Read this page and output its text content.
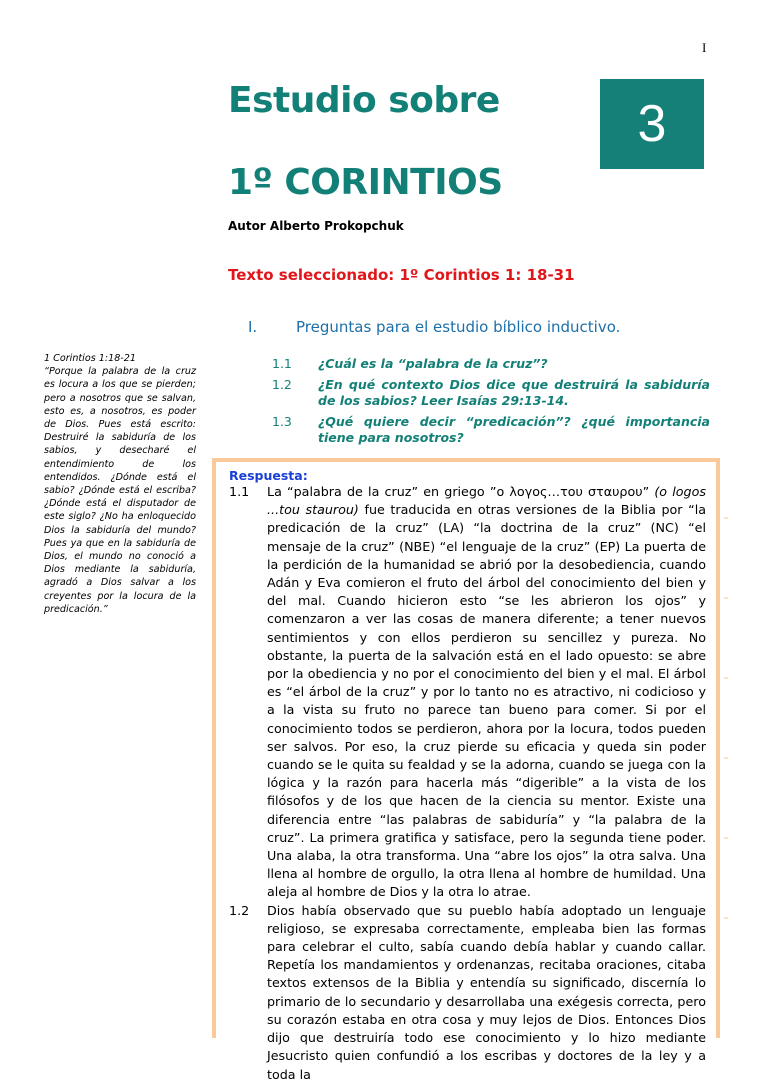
I
Estudio sobre
1º CORINTIOS
3
Autor Alberto Prokopchuk
Texto seleccionado: 1º Corintios 1: 18-31
I.	Preguntas para el estudio bíblico inductivo.
1.1	¿Cuál es la “palabra de la cruz”?
1.2	¿En qué contexto Dios dice que destruirá la sabiduría de los sabios? Leer Isaías 29:13-14.
1.3	¿Qué quiere decir “predicación”? ¿qué importancia tiene para nosotros?
1 Corintios 1:18-21
“Porque la palabra de la cruz es locura a los que se pierden; pero a nosotros que se salvan, esto es, a nosotros, es poder de Dios. Pues está escrito: Destruiré la sabiduría de los sabios, y desecharé el entendimiento de los entendidos. ¿Dónde está el sabio? ¿Dónde está el escriba? ¿Dónde está el disputador de este siglo? ¿No ha enloquecido Dios la sabiduría del mundo? Pues ya que en la sabiduría de Dios, el mundo no conoció a Dios mediante la sabiduría, agradó a Dios salvar a los creyentes por la locura de la predicación.”
Respuesta:
1.1	La “palabra de la cruz” en griego ”ο λογος…του σταυρου” (o logos ...tou staurou) fue traducida en otras versiones de la Biblia por “la predicación de la cruz” (LA) “la doctrina de la cruz” (NC) “el mensaje de la cruz” (NBE) “el lenguaje de la cruz” (EP) La puerta de la perdición de la humanidad se abrió por la desobediencia, cuando Adán y Eva comieron el fruto del árbol del conocimiento del bien y del mal. Cuando hicieron esto “se les abrieron los ojos” y comenzaron a ver las cosas de manera diferente; a tener nuevos sentimientos y con ellos perdieron su sencillez y pureza. No obstante, la puerta de la salvación está en el lado opuesto: se abre por la obediencia y no por el conocimiento del bien y el mal. El árbol es “el árbol de la cruz” y por lo tanto no es atractivo, ni codicioso y a la vista su fruto no parece tan bueno para comer. Si por el conocimiento todos se perdieron, ahora por la locura, todos pueden ser salvos. Por eso, la cruz pierde su eficacia y queda sin poder cuando se le quita su fealdad y se la adorna, cuando se juega con la lógica y la razón para hacerla más “digerible” a la vista de los filósofos y de los que hacen de la ciencia su mentor. Existe una diferencia entre “las palabras de sabiduría” y “la palabra de la cruz”. La primera gratifica y satisface, pero la segunda tiene poder. Una alaba, la otra transforma. Una “abre los ojos” la otra salva. Una llena al hombre de orgullo, la otra llena al hombre de humildad. Una aleja al hombre de Dios y la otra lo atrae.
1.2	Dios había observado que su pueblo había adoptado un lenguaje religioso, se expresaba correctamente, empleaba bien las formas para celebrar el culto, sabía cuando debía hablar y cuando callar. Repetía los mandamientos y ordenanzas, recitaba oraciones, citaba textos extensos de la Biblia y entendía su significado, discernía lo primario de lo secundario y desarrollaba una exégesis correcta, pero su corazón estaba en otra cosa y muy lejos de Dios. Entonces Dios dijo que destruiría todo ese conocimiento y lo hizo mediante Jesucristo quien confundió a los escribas y doctores de la ley y a toda la
